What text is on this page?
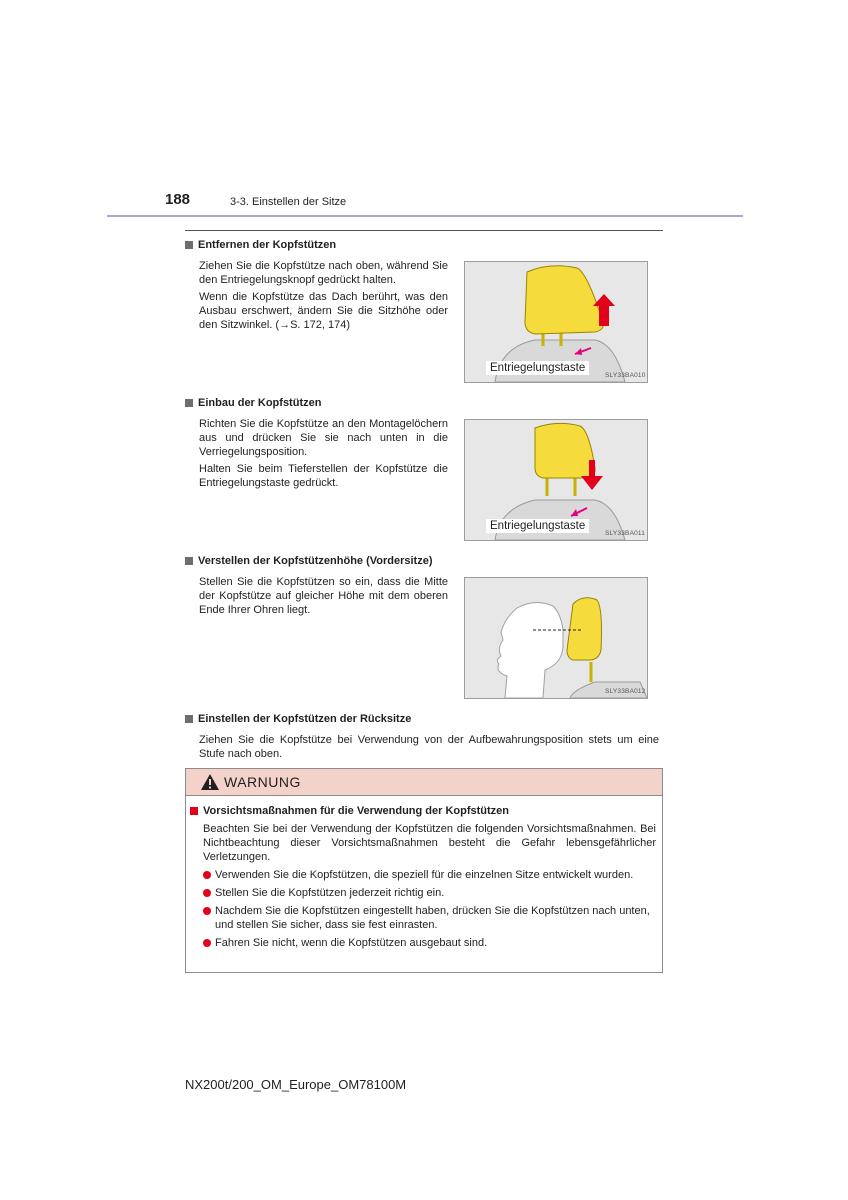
188	3-3. Einstellen der Sitze
Entfernen der Kopfstützen
Ziehen Sie die Kopfstütze nach oben, während Sie den Entriegelungsknopf gedrückt halten.
Wenn die Kopfstütze das Dach berührt, was den Ausbau erschwert, ändern Sie die Sitzhöhe oder den Sitzwinkel. (→S. 172, 174)
Entriegelungstaste
SLY33BA010
Einbau der Kopfstützen
Richten Sie die Kopfstütze an den Montagelöchern aus und drücken Sie sie nach unten in die Verriegelungsposition.
Halten Sie beim Tieferstellen der Kopfstütze die Entriegelungstaste gedrückt.
Entriegelungstaste
SLY33BA011
Verstellen der Kopfstützenhöhe (Vordersitze)
Stellen Sie die Kopfstützen so ein, dass die Mitte der Kopfstütze auf gleicher Höhe mit dem oberen Ende Ihrer Ohren liegt.
SLY33BA012
Einstellen der Kopfstützen der Rücksitze
Ziehen Sie die Kopfstütze bei Verwendung von der Aufbewahrungsposition stets um eine Stufe nach oben.
WARNUNG
Vorsichtsmaßnahmen für die Verwendung der Kopfstützen
Beachten Sie bei der Verwendung der Kopfstützen die folgenden Vorsichtsmaßnahmen. Bei Nichtbeachtung dieser Vorsichtsmaßnahmen besteht die Gefahr lebensgefährlicher Verletzungen.
Verwenden Sie die Kopfstützen, die speziell für die einzelnen Sitze entwickelt wurden.
Stellen Sie die Kopfstützen jederzeit richtig ein.
Nachdem Sie die Kopfstützen eingestellt haben, drücken Sie die Kopfstützen nach unten, und stellen Sie sicher, dass sie fest einrasten.
Fahren Sie nicht, wenn die Kopfstützen ausgebaut sind.
NX200t/200_OM_Europe_OM78100M
